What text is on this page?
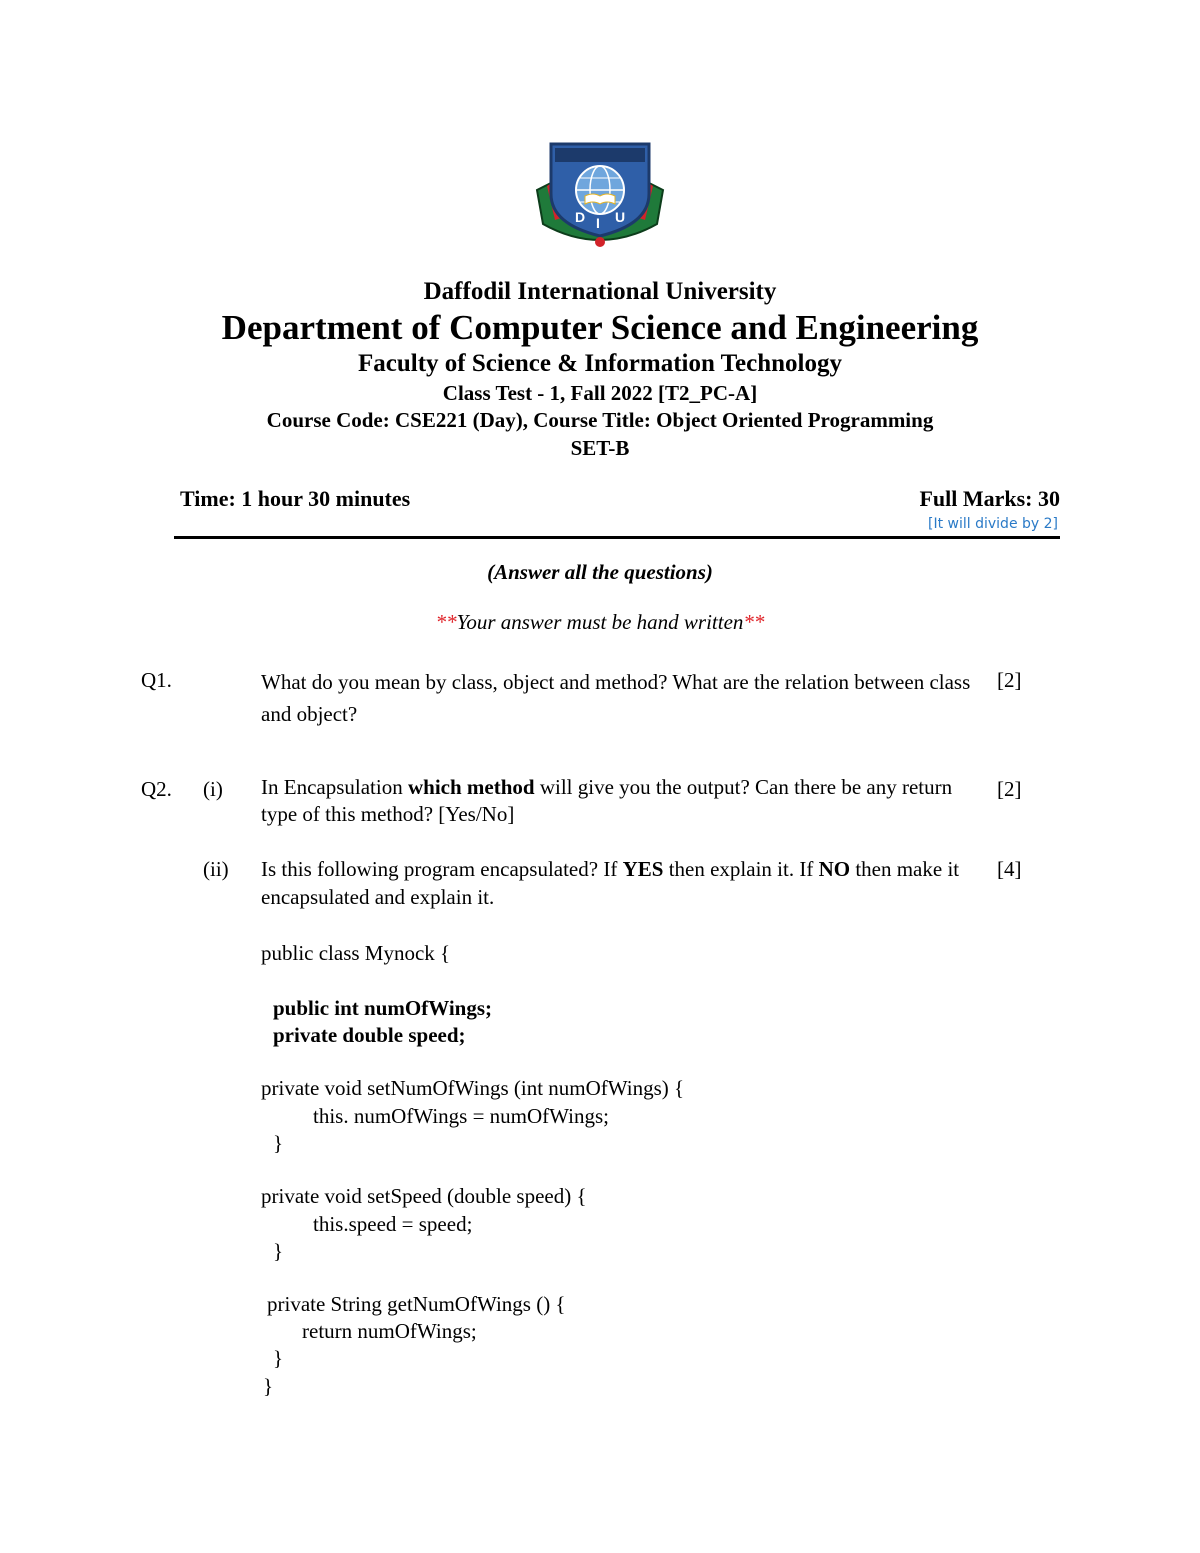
D I U
Daffodil International University
Department of Computer Science and Engineering
Faculty of Science & Information Technology
Class Test - 1, Fall 2022 [T2_PC-A]
Course Code: CSE221 (Day), Course Title: Object Oriented Programming
SET-B
Time: 1 hour 30 minutes	Full Marks: 30
[It will divide by 2]
(Answer all the questions)
**Your answer must be hand written**
Q1.	What do you mean by class, object and method? What are the relation between class and object?
[2]
Q2. (i) In Encapsulation which method will give you the output? Can there be any return type of this method? [Yes/No]
[2]
(ii) Is this following program encapsulated? If YES then explain it. If NO then make it encapsulated and explain it.
[4]
public class Mynock {
public int numOfWings;
private double speed;
private void setNumOfWings (int numOfWings) {
this. numOfWings = numOfWings;
}
private void setSpeed (double speed) {
this.speed = speed;
}
private String getNumOfWings () {
return numOfWings;
}
}
